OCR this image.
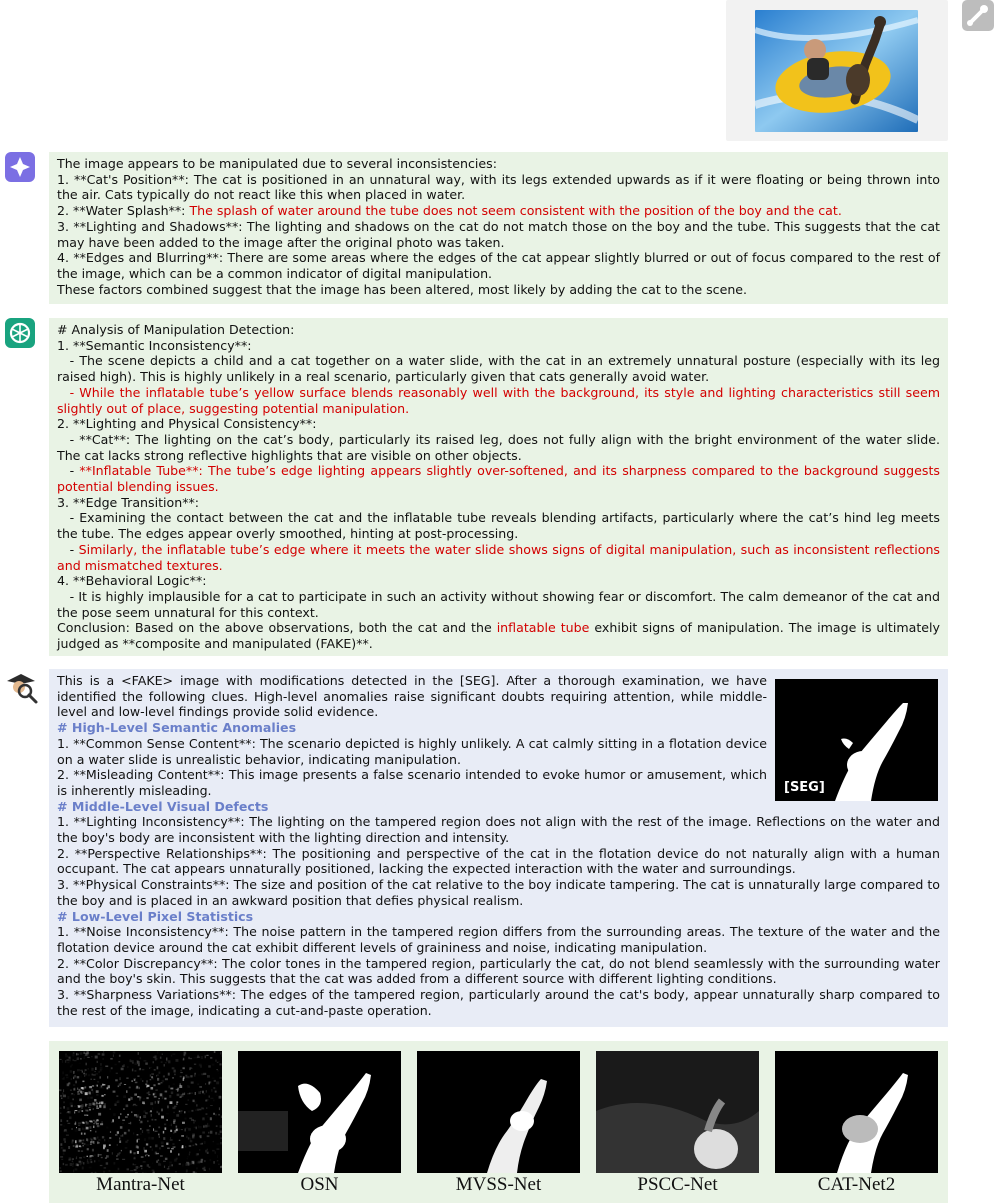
The image appears to be manipulated due to several inconsistencies:

1. **Cat's Position**: The cat is positioned in an unnatural way, with its legs extended upwards as if it were floating or being thrown into the air. Cats typically do not react like this when placed in water.

2. **Water Splash**: The splash of water around the tube does not seem consistent with the position of the boy and the cat.

3. **Lighting and Shadows**: The lighting and shadows on the cat do not match those on the boy and the tube. This suggests that the cat may have been added to the image after the original photo was taken.

4. **Edges and Blurring**: There are some areas where the edges of the cat appear slightly blurred or out of focus compared to the rest of the image, which can be a common indicator of digital manipulation.

These factors combined suggest that the image has been altered, most likely by adding the cat to the scene.

# Analysis of Manipulation Detection:

1. **Semantic Inconsistency**:

- The scene depicts a child and a cat together on a water slide, with the cat in an extremely unnatural posture (especially with its leg raised high). This is highly unlikely in a real scenario, particularly given that cats generally avoid water.

- While the inflatable tube’s yellow surface blends reasonably well with the background, its style and lighting characteristics still seem slightly out of place, suggesting potential manipulation.

2. **Lighting and Physical Consistency**:

- **Cat**: The lighting on the cat’s body, particularly its raised leg, does not fully align with the bright environment of the water slide. The cat lacks strong reflective highlights that are visible on other objects.

- **Inflatable Tube**: The tube’s edge lighting appears slightly over-softened, and its sharpness compared to the background suggests potential blending issues.

3. **Edge Transition**:

- Examining the contact between the cat and the inflatable tube reveals blending artifacts, particularly where the cat’s hind leg meets the tube. The edges appear overly smoothed, hinting at post-processing.

- Similarly, the inflatable tube’s edge where it meets the water slide shows signs of digital manipulation, such as inconsistent reflections and mismatched textures.

4. **Behavioral Logic**:

- It is highly implausible for a cat to participate in such an activity without showing fear or discomfort. The calm demeanor of the cat and the pose seem unnatural for this context.

Conclusion: Based on the above observations, both the cat and the inflatable tube exhibit signs of manipulation. The image is ultimately judged as **composite and manipulated (FAKE)**.

This is a <FAKE> image with modifications detected in the [SEG]. After a thorough examination, we have identified the following clues. High-level anomalies raise significant doubts requiring attention, while middle-level and low-level findings provide solid evidence.

# High-Level Semantic Anomalies

1. **Common Sense Content**: The scenario depicted is highly unlikely. A cat calmly sitting in a flotation device on a water slide is unrealistic behavior, indicating manipulation.

2. **Misleading Content**: This image presents a false scenario intended to evoke humor or amusement, which is inherently misleading.

# Middle-Level Visual Defects

1. **Lighting Inconsistency**: The lighting on the tampered region does not align with the rest of the image. Reflections on the water and the boy's body are inconsistent with the lighting direction and intensity.

2. **Perspective Relationships**: The positioning and perspective of the cat in the flotation device do not naturally align with a human occupant. The cat appears unnaturally positioned, lacking the expected interaction with the water and surroundings.

3. **Physical Constraints**: The size and position of the cat relative to the boy indicate tampering. The cat is unnaturally large compared to the boy and is placed in an awkward position that defies physical realism.

# Low-Level Pixel Statistics

1. **Noise Inconsistency**: The noise pattern in the tampered region differs from the surrounding areas. The texture of the water and the flotation device around the cat exhibit different levels of graininess and noise, indicating manipulation.

2. **Color Discrepancy**: The color tones in the tampered region, particularly the cat, do not blend seamlessly with the surrounding water and the boy's skin. This suggests that the cat was added from a different source with different lighting conditions.

3. **Sharpness Variations**: The edges of the tampered region, particularly around the cat's body, appear unnaturally sharp compared to the rest of the image, indicating a cut-and-paste operation.

[SEG]
Mantra-Net	OSN	MVSS-Net	PSCC-Net	CAT-Net2
